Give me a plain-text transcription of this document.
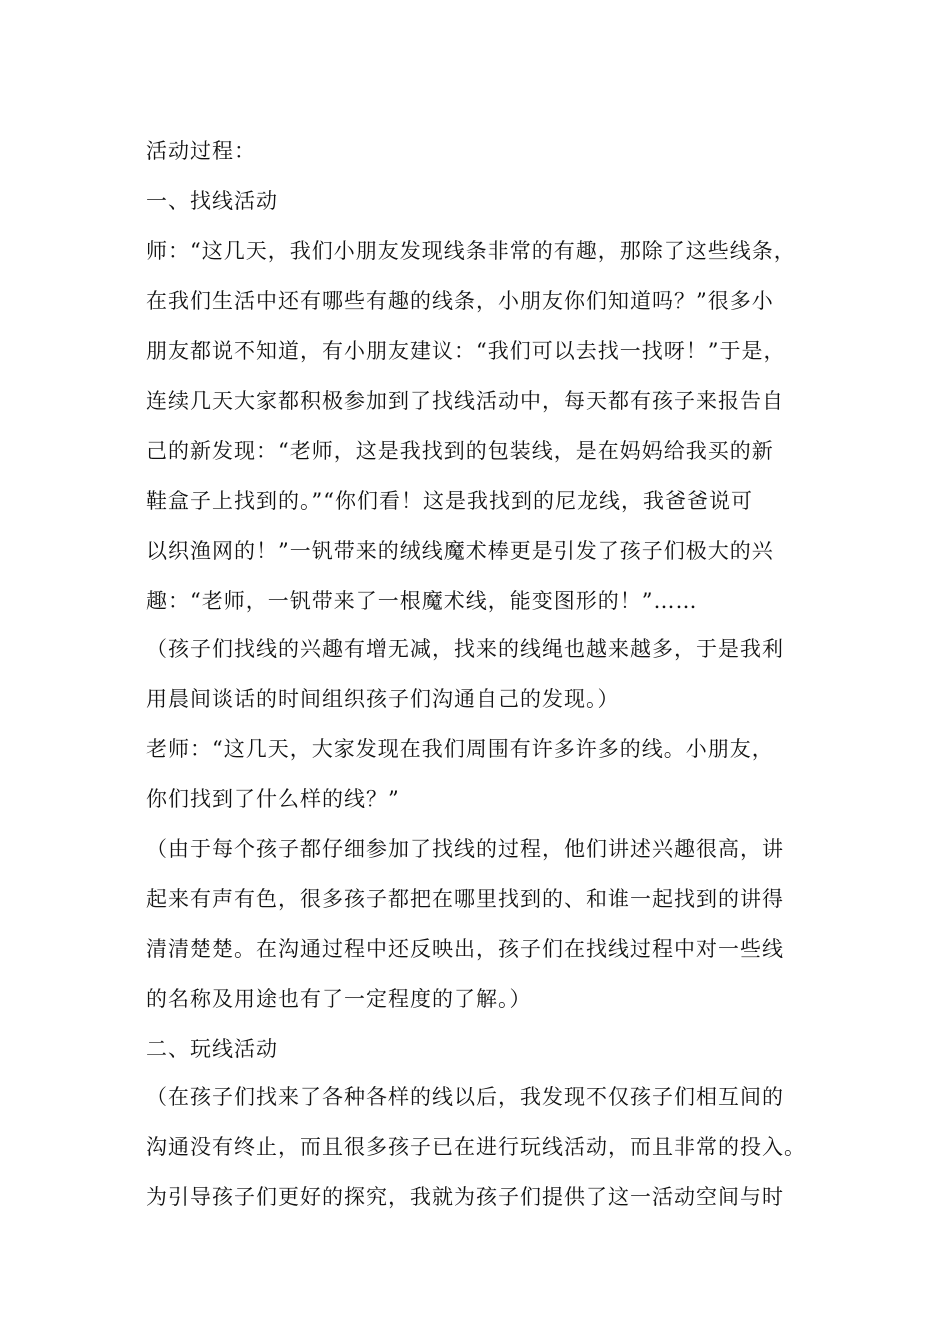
活动过程：
一、找线活动
师：“这几天，我们小朋友发现线条非常的有趣，那除了这些线条，
在我们生活中还有哪些有趣的线条，小朋友你们知道吗？”很多小
朋友都说不知道，有小朋友建议：“我们可以去找一找呀！”于是，
连续几天大家都积极参加到了找线活动中，每天都有孩子来报告自
己的新发现：“老师，这是我找到的包装线，是在妈妈给我买的新
鞋盒子上找到的。”“你们看！这是我找到的尼龙线，我爸爸说可
以织渔网的！”一钒带来的绒线魔术棒更是引发了孩子们极大的兴
趣：“老师，一钒带来了一根魔术线，能变图形的！”……
（孩子们找线的兴趣有增无减，找来的线绳也越来越多，于是我利
用晨间谈话的时间组织孩子们沟通自己的发现。）
老师：“这几天，大家发现在我们周围有许多许多的线。小朋友，
你们找到了什么样的线？”
（由于每个孩子都仔细参加了找线的过程，他们讲述兴趣很高，讲
起来有声有色，很多孩子都把在哪里找到的、和谁一起找到的讲得
清清楚楚。在沟通过程中还反映出，孩子们在找线过程中对一些线
的名称及用途也有了一定程度的了解。）
二、玩线活动
（在孩子们找来了各种各样的线以后，我发现不仅孩子们相互间的
沟通没有终止，而且很多孩子已在进行玩线活动，而且非常的投入。
为引导孩子们更好的探究，我就为孩子们提供了这一活动空间与时
